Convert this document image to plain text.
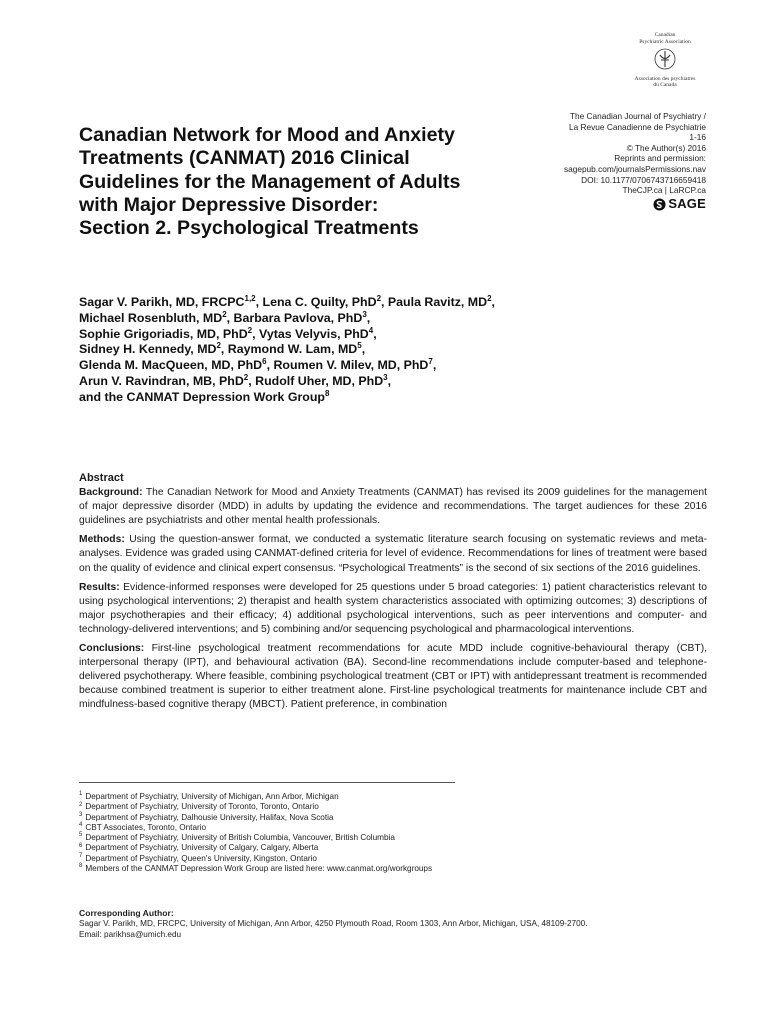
Canadian
Psychiatric Association
Association des psychiatres
du Canada
The Canadian Journal of Psychiatry /
La Revue Canadienne de Psychiatrie
1-16
© The Author(s) 2016
Reprints and permission:
sagepub.com/journalsPermissions.nav
DOI: 10.1177/0706743716659418
TheCJP.ca | LaRCP.ca
SAGE
Canadian Network for Mood and Anxiety
Treatments (CANMAT) 2016 Clinical
Guidelines for the Management of Adults
with Major Depressive Disorder:
Section 2. Psychological Treatments
Sagar V. Parikh, MD, FRCPC$^{1,2}$, Lena C. Quilty, PhD$^2$, Paula Ravitz, $MD^2$,
Michael Rosenbluth, $MD^2$, Barbara Pavlova, PhD$^3$,
Sophie Grigoriadis, MD, PhD$^2$, Vytas Velyvis, PhD$^4$,
Sidney H. Kennedy, $MD^2$, Raymond W. Lam, $MD^5$,
Glenda M. MacQueen, MD, PhD$^6$, Roumen V. Milev, MD, PhD$^7$,
Arun V. Ravindran, MB, PhD$^2$, Rudolf Uher, MD, PhD$^3$,
and the CANMAT Depression Work Group$^8$
Abstract

Background: The Canadian Network for Mood and Anxiety Treatments (CANMAT) has revised its 2009 guidelines for the management of major depressive disorder (MDD) in adults by updating the evidence and recommendations. The target audiences for these 2016 guidelines are psychiatrists and other mental health professionals.

Methods: Using the question-answer format, we conducted a systematic literature search focusing on systematic reviews and meta-analyses. Evidence was graded using CANMAT-defined criteria for level of evidence. Recommendations for lines of treatment were based on the quality of evidence and clinical expert consensus. “Psychological Treatments” is the second of six sections of the 2016 guidelines.

Results: Evidence-informed responses were developed for 25 questions under 5 broad categories: 1) patient characteristics relevant to using psychological interventions; 2) therapist and health system characteristics associated with optimizing outcomes; 3) descriptions of major psychotherapies and their efficacy; 4) additional psychological interventions, such as peer interventions and computer- and technology-delivered interventions; and 5) combining and/or sequencing psychological and pharmacological interventions.

Conclusions: First-line psychological treatment recommendations for acute MDD include cognitive-behavioural therapy (CBT), interpersonal therapy (IPT), and behavioural activation (BA). Second-line recommendations include computer-based and telephone-delivered psychotherapy. Where feasible, combining psychological treatment (CBT or IPT) with antidepressant treatment is recommended because combined treatment is superior to either treatment alone. First-line psychological treatments for maintenance include CBT and mindfulness-based cognitive therapy (MBCT). Patient preference, in combination

$^1$ Department of Psychiatry, University of Michigan, Ann Arbor, Michigan
$^2$ Department of Psychiatry, University of Toronto, Toronto, Ontario
$^3$ Department of Psychiatry, Dalhousie University, Halifax, Nova Scotia
$^4$ CBT Associates, Toronto, Ontario
$^5$ Department of Psychiatry, University of British Columbia, Vancouver, British Columbia
$^6$ Department of Psychiatry, University of Calgary, Calgary, Alberta
$^7$ Department of Psychiatry, Queen’s University, Kingston, Ontario
$^8$ Members of the CANMAT Depression Work Group are listed here: www.canmat.org/workgroups
Corresponding Author:
Sagar V. Parikh, MD, FRCPC, University of Michigan, Ann Arbor, 4250 Plymouth Road, Room 1303, Ann Arbor, Michigan, USA, 48109-2700.
Email: parikhsa@umich.edu
